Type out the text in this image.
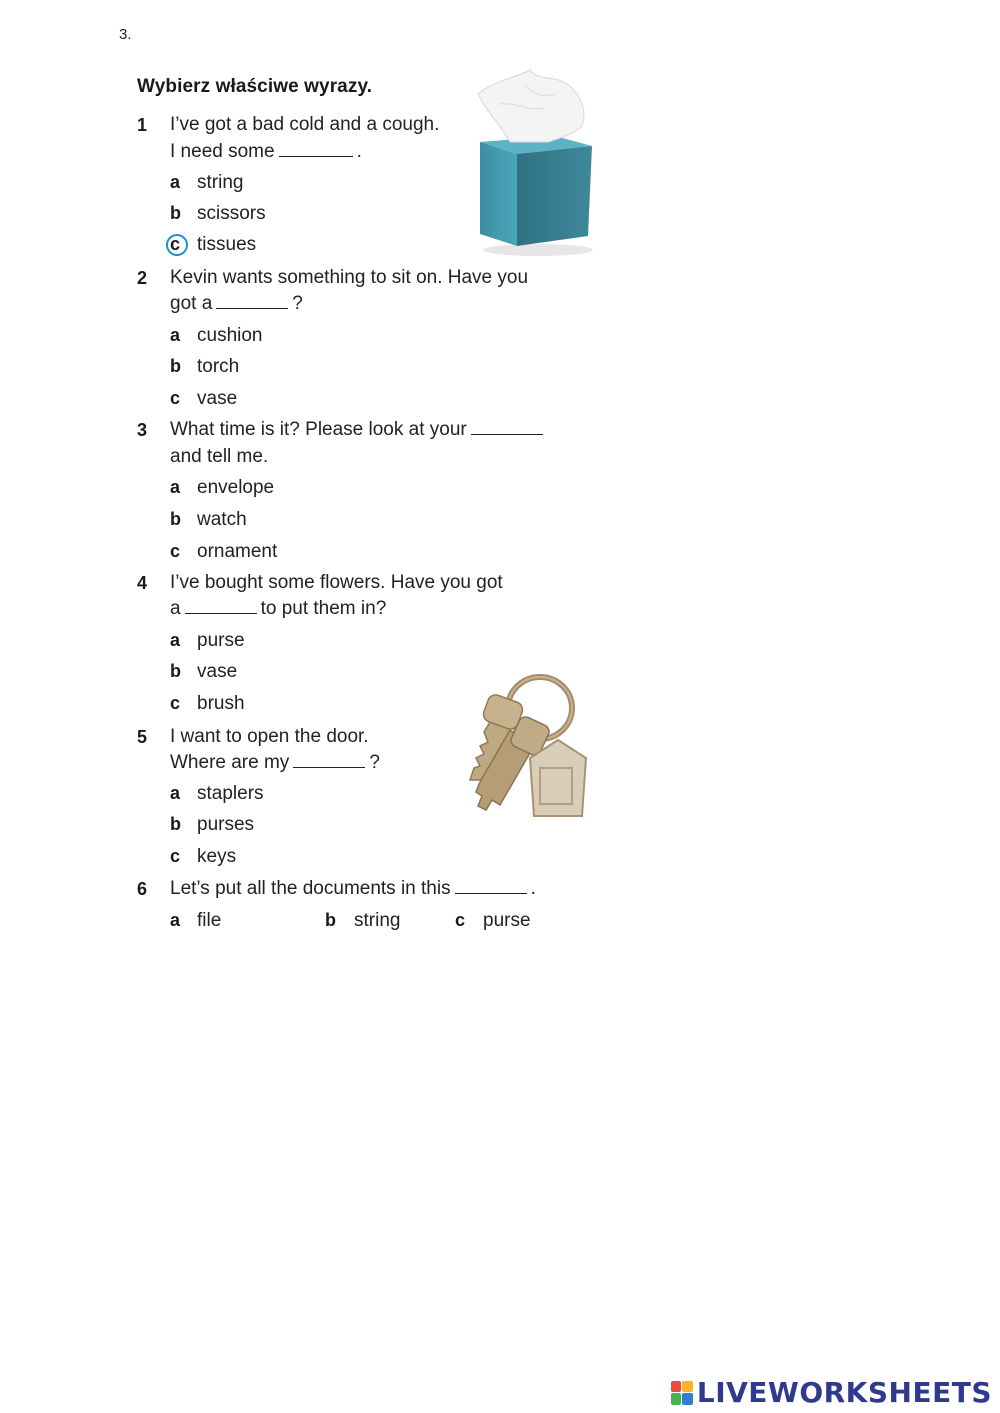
3.
Wybierz właściwe wyrazy.
1 I’ve got a bad cold and a cough.
I need some	.
a string
b scissors
c tissues
2 Kevin wants something to sit on. Have you
got a	?
a cushion
b torch
c vase
3 What time is it? Please look at your
and tell me.
a envelope
b watch
c ornament
4 I’ve bought some flowers. Have you got
a	to put them in?
a purse
b vase
c brush
5 I want to open the door.
Where are my	?
a staplers
b purses
c keys
6 Let’s put all the documents in this	.
a file	b string	c purse
LIVEWORKSHEETS
